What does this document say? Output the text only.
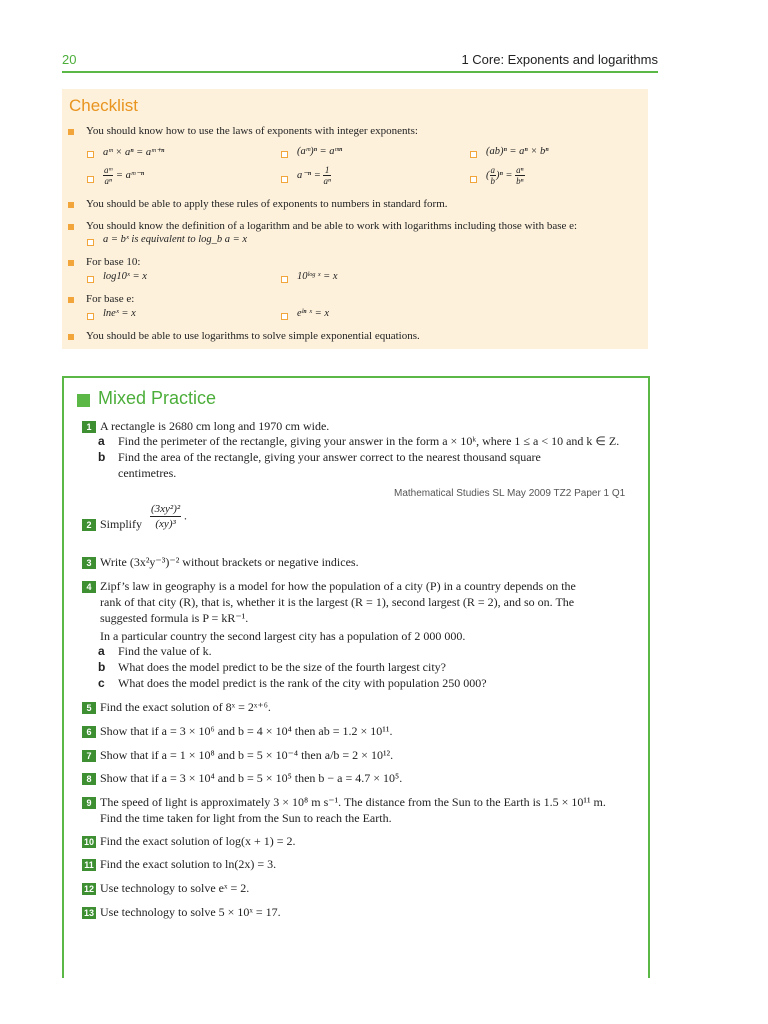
20	1 Core: Exponents and logarithms
Checklist
You should know how to use the laws of exponents with integer exponents:
aᵐ × aⁿ = aᵐ⁺ⁿ	(aᵐ)ⁿ = aᵐⁿ	(ab)ⁿ = aⁿ × bⁿ
$\frac{\text{aᵐ}}{\text{aⁿ}}$ = aᵐ⁻ⁿ	$a^{-n} = \frac{1}{\text{aⁿ}}$	( $\frac{a}{b} )^n = \frac{\text{aⁿ}}{\text{bⁿ}}$
You should be able to apply these rules of exponents to numbers in standard form.
You should know the definition of a logarithm and be able to work with logarithms including those with base e:
a = bˣ is equivalent to log_b a = x
For base 10:
log10ˣ = x	10ˡᵒᵍ ˣ = x
For base e:
lneˣ = x	eˡⁿ ˣ = x
You should be able to use logarithms to solve simple exponential equations.
Mixed Practice
1 A rectangle is 2680 cm long and 1970 cm wide.
a Find the perimeter of the rectangle, giving your answer in the form a × 10ᵏ, where 1 ≤ a < 10 and k ∈ Z.
b Find the area of the rectangle, giving your answer correct to the nearest thousand square
centimetres.
Mathematical Studies SL May 2009 TZ2 Paper 1 Q1
2 Simplify $\frac{\text{(3xy²)²}}{\text{(xy)³}}$ .
3 Write (3x²y⁻³)⁻² without brackets or negative indices.
4 Zipf’s law in geography is a model for how the population of a city (P) in a country depends on the
rank of that city (R), that is, whether it is the largest (R = 1), second largest (R = 2), and so on. The
suggested formula is P = kR⁻¹.
In a particular country the second largest city has a population of 2 000 000.
a Find the value of k.
b What does the model predict to be the size of the fourth largest city?
c What does the model predict is the rank of the city with population 250 000?
5 Find the exact solution of 8ˣ = 2ˣ⁺⁶.
6 Show that if a = 3 × 10⁶ and b = 4 × 10⁴ then ab = 1.2 × 10¹¹.
7 Show that if a = 1 × 10⁸ and b = 5 × 10⁻⁴ then a/b = 2 × 10¹².
8 Show that if a = 3 × 10⁴ and b = 5 × 10⁵ then b − a = 4.7 × 10⁵.
9 The speed of light is approximately 3 × 10⁸ m s⁻¹. The distance from the Sun to the Earth is 1.5 × 10¹¹ m.
Find the time taken for light from the Sun to reach the Earth.
10 Find the exact solution of log(x + 1) = 2.
11 Find the exact solution to ln(2x) = 3.
12 Use technology to solve eˣ = 2.
13 Use technology to solve 5 × 10ˣ = 17.
